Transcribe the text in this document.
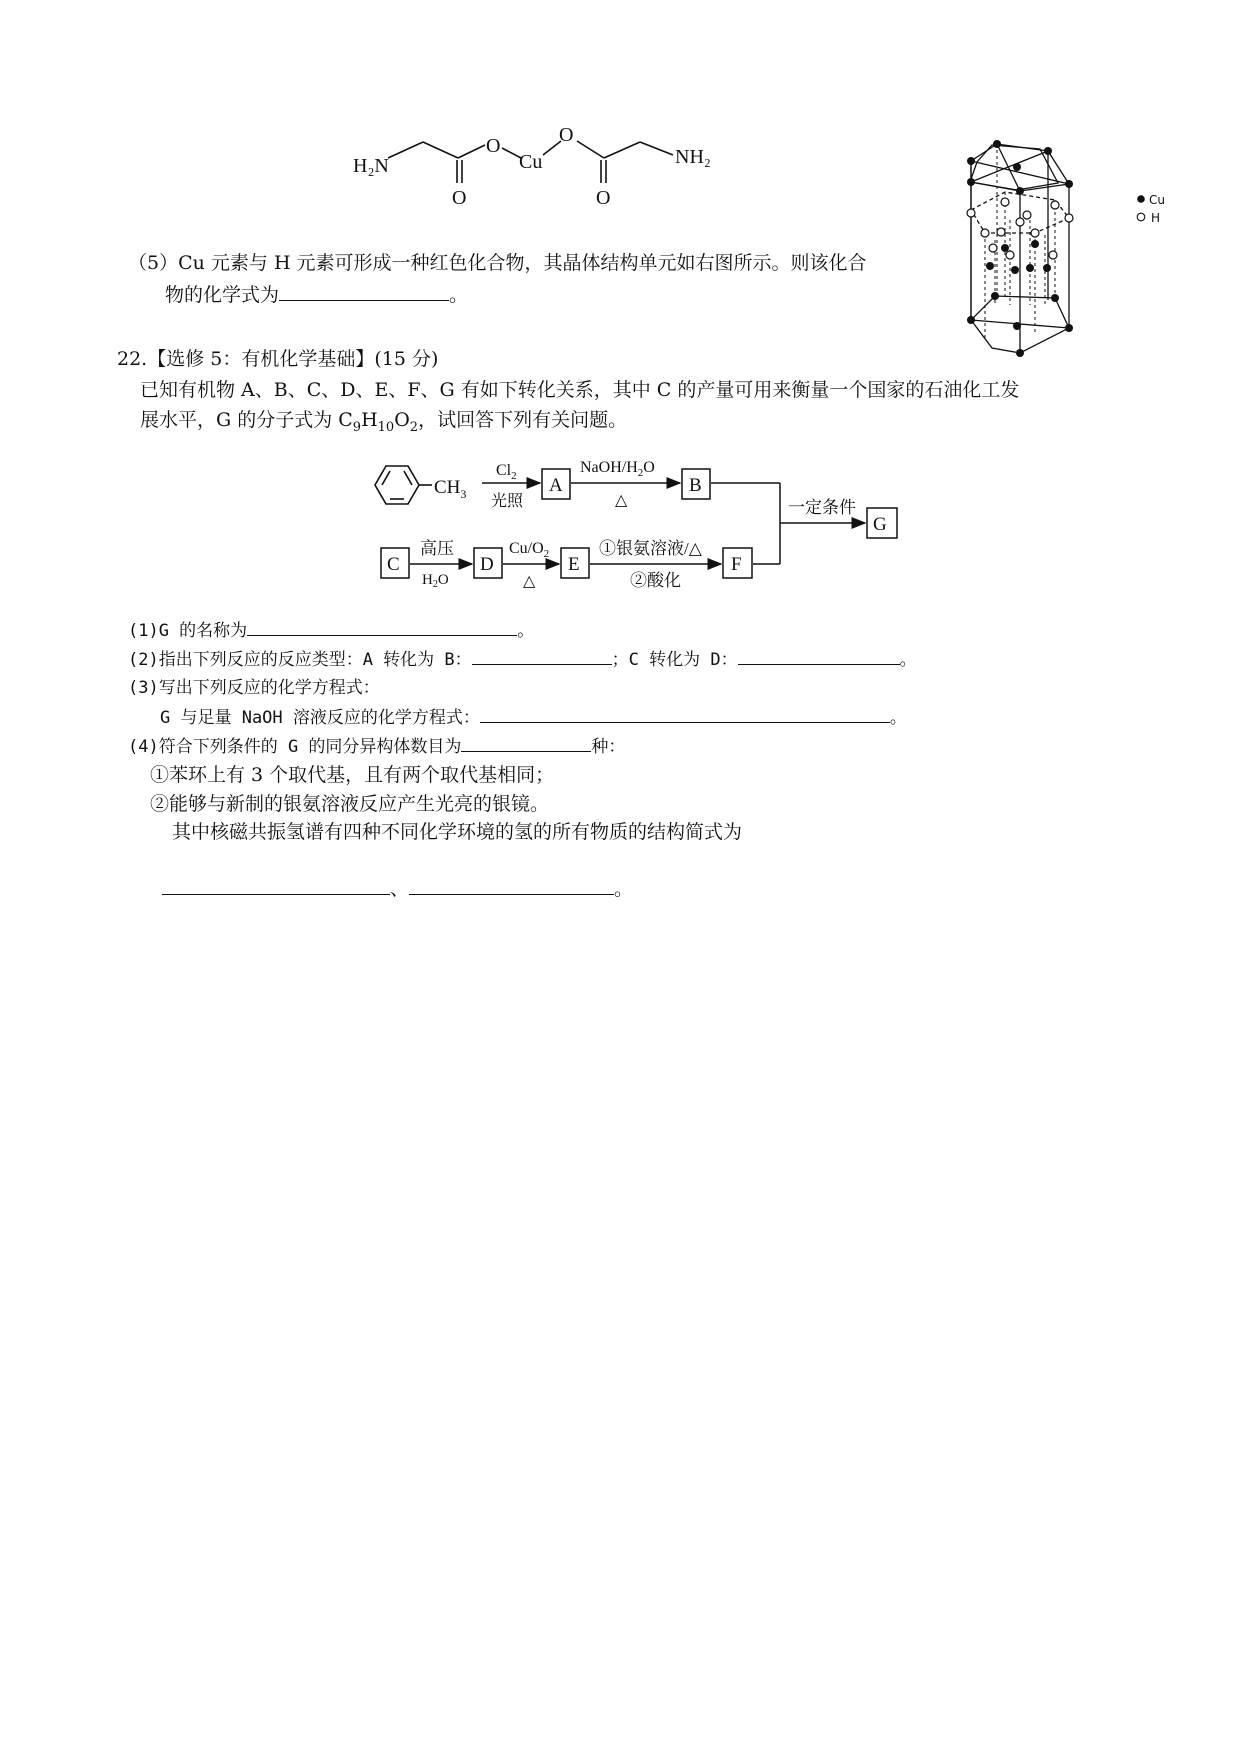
H₂N
O
Cu
O
NH₂
O	O	Cu
H
（5）Cu 元素与 H 元素可形成一种红色化合物，其晶体结构单元如右图所示。则该化合
物的化学式为	。
22.【选修 5：有机化学基础】(15 分)
已知有机物 A、B、C、D、E、F、G 有如下转化关系，其中 C 的产量可用来衡量一个国家的石油化工发
展水平，G 的分子式为 $C_9H_{10}O_2$，试回答下列有关问题。
$CH_3$
$Cl_2$
光照
A
NaOH/$H_2O$
△
B
一定条件
G
C
高压
$H_2O$
D
$Cu/O_2$
△
E
①银氨溶液/△
②酸化
F
(1)G 的名称为	。
(2)指出下列反应的反应类型：A 转化为 B：	；C 转化为 D：	。
(3)写出下列反应的化学方程式：
G 与足量 NaOH 溶液反应的化学方程式：	。
(4)符合下列条件的 G 的同分异构体数目为	种：
①苯环上有 3 个取代基，且有两个取代基相同；
②能够与新制的银氨溶液反应产生光亮的银镜。
其中核磁共振氢谱有四种不同化学环境的氢的所有物质的结构简式为
、	。
